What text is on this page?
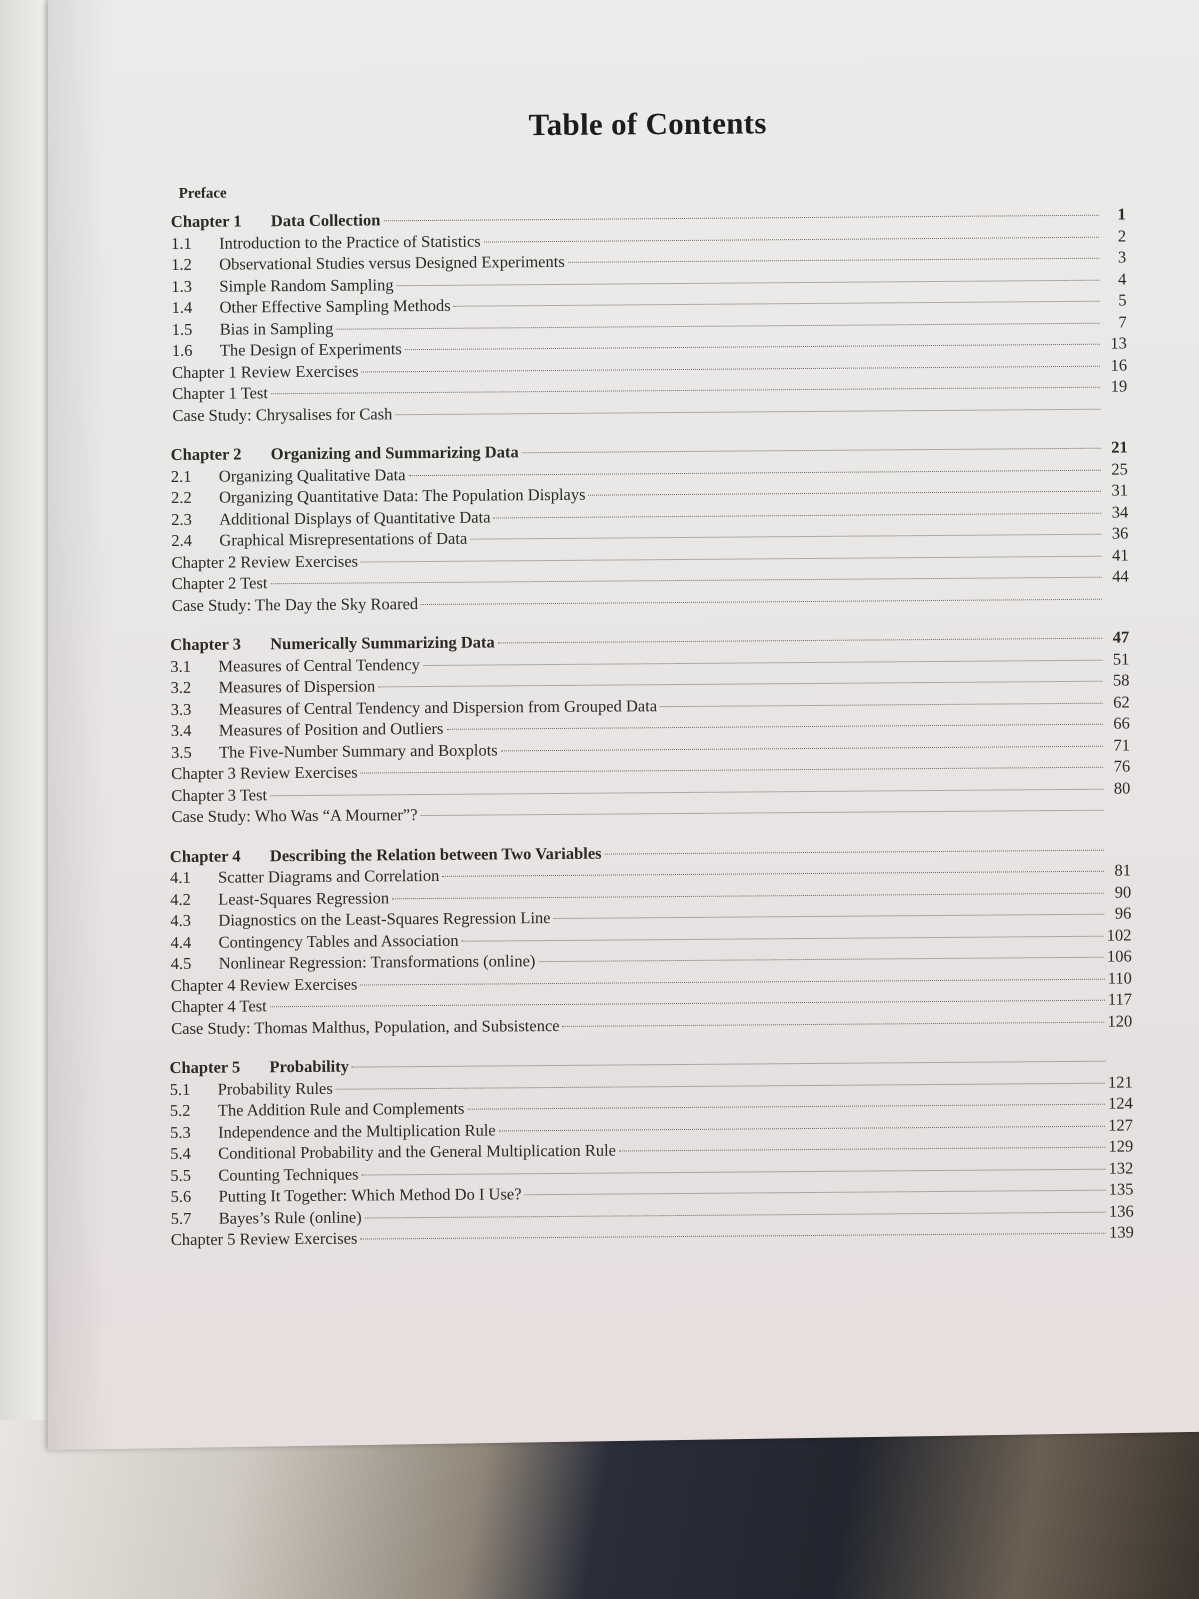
Table of Contents
Preface
Chapter 1	Data Collection	1
1.1	Introduction to the Practice of Statistics	2
1.2	Observational Studies versus Designed Experiments	3
1.3	Simple Random Sampling	4
1.4	Other Effective Sampling Methods	5
1.5	Bias in Sampling	7
1.6	The Design of Experiments	13
Chapter 1 Review Exercises	16
Chapter 1 Test	19
Case Study: Chrysalises for Cash
Chapter 2	Organizing and Summarizing Data	21
2.1	Organizing Qualitative Data	25
2.2	Organizing Quantitative Data: The Population Displays	31
2.3	Additional Displays of Quantitative Data	34
2.4	Graphical Misrepresentations of Data	36
Chapter 2 Review Exercises	41
Chapter 2 Test	44
Case Study: The Day the Sky Roared
Chapter 3	Numerically Summarizing Data	47
3.1	Measures of Central Tendency	51
3.2	Measures of Dispersion	58
3.3	Measures of Central Tendency and Dispersion from Grouped Data	62
3.4	Measures of Position and Outliers	66
3.5	The Five-Number Summary and Boxplots	71
Chapter 3 Review Exercises	76
Chapter 3 Test	80
Case Study: Who Was “A Mourner”?
Chapter 4	Describing the Relation between Two Variables
4.1	Scatter Diagrams and Correlation	81
4.2	Least-Squares Regression	90
4.3	Diagnostics on the Least-Squares Regression Line	96
4.4	Contingency Tables and Association	102
4.5	Nonlinear Regression: Transformations (online)	106
Chapter 4 Review Exercises	110
Chapter 4 Test	117
Case Study: Thomas Malthus, Population, and Subsistence	120
Chapter 5	Probability
5.1	Probability Rules	121
5.2	The Addition Rule and Complements	124
5.3	Independence and the Multiplication Rule	127
5.4	Conditional Probability and the General Multiplication Rule	129
5.5	Counting Techniques	132
5.6	Putting It Together: Which Method Do I Use?	135
5.7	Bayes’s Rule (online)	136
Chapter 5 Review Exercises	139
